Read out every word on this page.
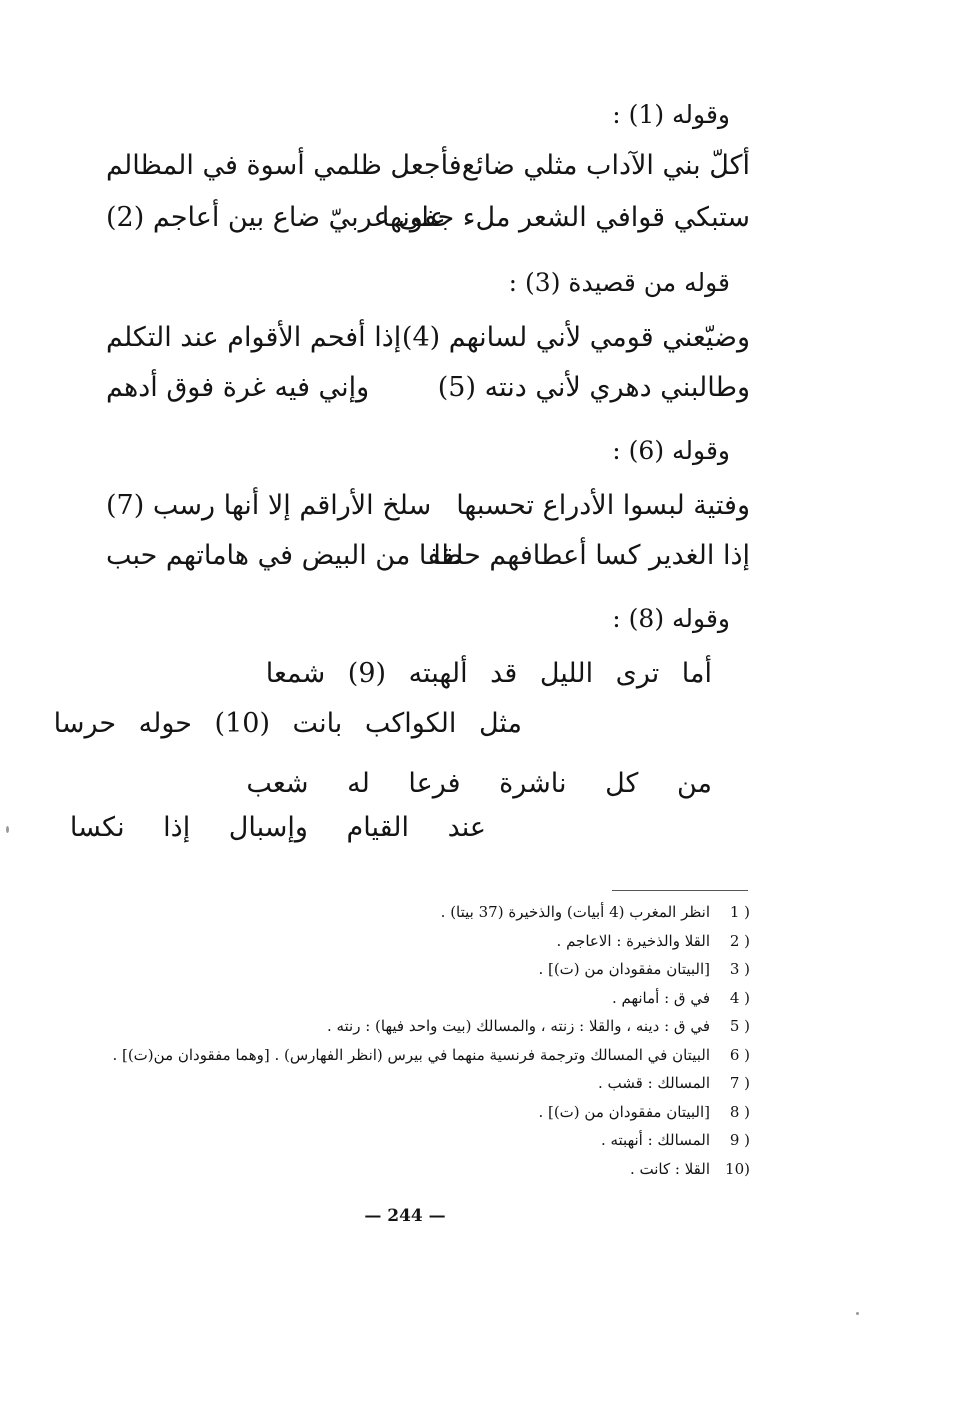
وقوله (1) :
أكلّ بني الآداب مثلي ضائع
فأجعل ظلمي أسوة في المظالم
ستبكي قوافي الشعر ملء جفونها
على عربيّ ضاع بين أعاجم (2)
قوله من قصيدة (3) :
وضيّعني قومي لأني لسانهم (4)
إذا أفحم الأقوام عند التكلم
وطالبني دهري لأني دنته (5)
وإني فيه غرة فوق أدهم
وقوله (6) :
وفتية لبسوا الأدراع تحسبها
سلخ الأراقم إلا أنها رسب (7)
إذا الغدير كسا أعطافهم حلقا
طفا من البيض في هاماتهم حبب
وقوله (8) :
أما ترى الليل قد ألهبته (9) شمعا
مثل الكواكب بانت (10) حوله حرسا
من كل ناشرة فرعا له شعب
عند القيام وإسبال إذا نكسا
1 )انظر المغرب (4 أبيات) والذخيرة (37 بيتا) .
2 )القلا والذخيرة : الاعاجم .
3 )[البيتان مفقودان من (ت)] .
4 )في ق : أمانهم .
5 )في ق : دينه ، والقلا : زنته ، والمسالك (بيت واحد فيها) : رنته .
6 )البيتان في المسالك وترجمة فرنسية منهما في بيرس (انظر الفهارس) . [وهما مفقودان من(ت)] .
7 )المسالك : قشب .
8 )[البيتان مفقودان من (ت)] .
9 )المسالك : أنهبته .
10)القلا : كانت .
— 244 —
